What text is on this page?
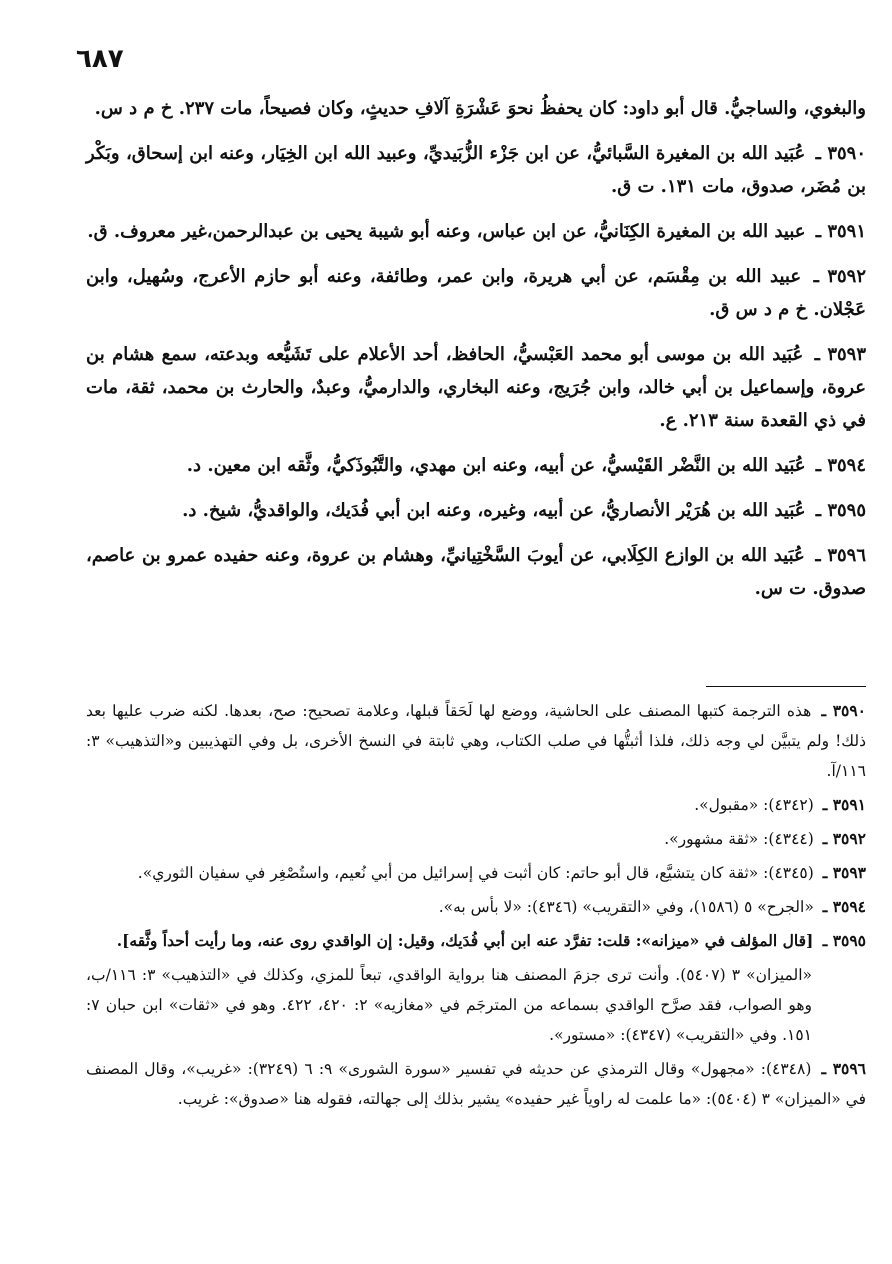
٦٨٧
والبغوي، والساجيُّ. قال أبو داود: كان يحفظُ نحوَ عَشْرَةِ آلافِ حديثٍ، وكان فصيحاً، مات ٢٣٧. خ م د س.
٣٥٩٠ ـ عُبَيد الله بن المغيرة السَّبائيُّ، عن ابن جَزْء الزُّبَيديِّ، وعبيد الله ابن الخِيَار، وعنه ابن إسحاق، وبَكْر بن مُضَر، صدوق، مات ١٣١. ت ق.
٣٥٩١ ـ عبيد الله بن المغيرة الكِنَانيُّ، عن ابن عباس، وعنه أبو شيبة يحيى بن عبدالرحمن،غير معروف. ق.
٣٥٩٢ ـ عبيد الله بن مِقْسَم، عن أبي هريرة، وابن عمر، وطائفة، وعنه أبو حازم الأعرج، وسُهيل، وابن عَجْلان. خ م د س ق.
٣٥٩٣ ـ عُبَيد الله بن موسى أبو محمد العَبْسيُّ، الحافظ، أحد الأعلام على تَشَيُّعه وبدعته، سمع هشام بن عروة، وإسماعيل بن أبي خالد، وابن جُرَيج، وعنه البخاري، والدارميُّ، وعبدٌ، والحارث بن محمد، ثقة، مات في ذي القعدة سنة ٢١٣. ع.
٣٥٩٤ ـ عُبَيد الله بن النَّضْر القَيْسيُّ، عن أبيه، وعنه ابن مهدي، والتَّبُوذَكيُّ، وثَّقه ابن معين. د.
٣٥٩٥ ـ عُبَيد الله بن هُرَيْر الأنصاريُّ، عن أبيه، وغيره، وعنه ابن أبي فُدَيك، والواقديُّ، شيخ. د.
٣٥٩٦ ـ عُبَيد الله بن الوازع الكِلَابي، عن أيوبَ السَّخْتِيانيِّ، وهشام بن عروة، وعنه حفيده عمرو بن عاصم، صدوق. ت س.
٣٥٩٠ ـ هذه الترجمة كتبها المصنف على الحاشية، ووضع لها لَحَقاً قبلها، وعلامة تصحيح: صح، بعدها. لكنه ضرب عليها بعد ذلك! ولم يتبيَّن لي وجه ذلك، فلذا أثبتُّها في صلب الكتاب، وهي ثابتة في النسخ الأخرى، بل وفي التهذيبين و«التذهيب» ٣: ١١٦/آ.
٣٥٩١ ـ (٤٣٤٢): «مقبول».
٣٥٩٢ ـ (٤٣٤٤): «ثقة مشهور».
٣٥٩٣ ـ (٤٣٤٥): «ثقة كان يتشيَّع، قال أبو حاتم: كان أثبت في إسرائيل من أبي نُعيم، واستُصْغِر في سفيان الثوري».
٣٥٩٤ ـ «الجرح» ٥ (١٥٨٦)، وفي «التقريب» (٤٣٤٦): «لا بأس به».
٣٥٩٥ ـ [قال المؤلف في «ميزانه»: قلت: تفرَّد عنه ابن أبي فُدَيك، وقيل: إن الواقدي روى عنه، وما رأيت أحداً وثَّقه].
«الميزان» ٣ (٥٤٠٧). وأنت ترى جزمَ المصنف هنا برواية الواقدي، تبعاً للمزي، وكذلك في «التذهيب» ٣: ١١٦/ب، وهو الصواب، فقد صرَّح الواقدي بسماعه من المترجَم في «مغازيه» ٢: ٤٢٠، ٤٢٢. وهو في «ثقات» ابن حبان ٧: ١٥١. وفي «التقريب» (٤٣٤٧): «مستور».
٣٥٩٦ ـ (٤٣٤٨): «مجهول» وقال الترمذي عن حديثه في تفسير «سورة الشورى» ٩: ٦ (٣٢٤٩): «غريب»، وقال المصنف في «الميزان» ٣ (٥٤٠٤): «ما علمت له راوياً غير حفيده» يشير بذلك إلى جهالته، فقوله هنا «صدوق»: غريب.
